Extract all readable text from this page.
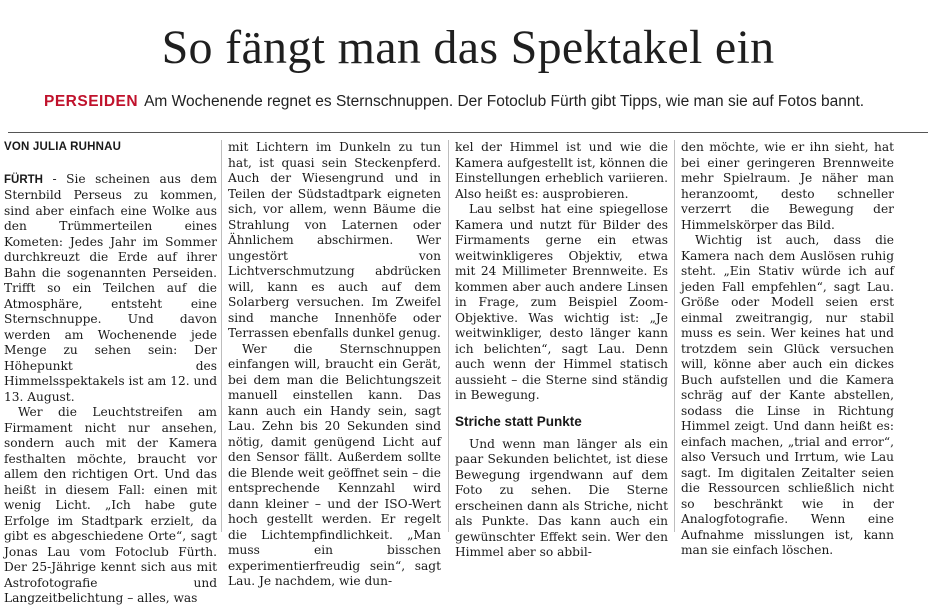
So fängt man das Spektakel ein
PERSEIDEN Am Wochenende regnet es Sternschnuppen. Der Fotoclub Fürth gibt Tipps, wie man sie auf Fotos bannt.
VON JULIA RUHNAU

FÜRTH - Sie scheinen aus dem Sternbild Perseus zu kommen, sind aber einfach eine Wolke aus den Trümmerteilen eines Kometen: Jedes Jahr im Sommer durchkreuzt die Erde auf ihrer Bahn die sogenannten Perseiden. Trifft so ein Teilchen auf die Atmosphäre, entsteht eine Sternschnuppe. Und davon werden am Wochenende jede Menge zu sehen sein: Der Höhepunkt des Himmelsspektakels ist am 12. und 13. August.

Wer die Leuchtstreifen am Firmament nicht nur ansehen, sondern auch mit der Kamera festhalten möchte, braucht vor allem den richtigen Ort. Und das heißt in diesem Fall: einen mit wenig Licht. „Ich habe gute Erfolge im Stadtpark erzielt, da gibt es abgeschiedene Orte“, sagt Jonas Lau vom Fotoclub Fürth. Der 25-Jährige kennt sich aus mit Astrofotografie und Langzeitbelichtung – alles, was

mit Lichtern im Dunkeln zu tun hat, ist quasi sein Steckenpferd. Auch der Wiesengrund und in Teilen der Südstadtpark eigneten sich, vor allem, wenn Bäume die Strahlung von Laternen oder Ähnlichem abschirmen. Wer ungestört von Lichtverschmutzung abdrücken will, kann es auch auf dem Solarberg versuchen. Im Zweifel sind manche Innenhöfe oder Terrassen ebenfalls dunkel genug.

Wer die Sternschnuppen einfangen will, braucht ein Gerät, bei dem man die Belichtungszeit manuell einstellen kann. Das kann auch ein Handy sein, sagt Lau. Zehn bis 20 Sekunden sind nötig, damit genügend Licht auf den Sensor fällt. Außerdem sollte die Blende weit geöffnet sein – die entsprechende Kennzahl wird dann kleiner – und der ISO-Wert hoch gestellt werden. Er regelt die Lichtempfindlichkeit. „Man muss ein bisschen experimentierfreudig sein“, sagt Lau. Je nachdem, wie dun-

kel der Himmel ist und wie die Kamera aufgestellt ist, können die Einstellungen erheblich variieren. Also heißt es: ausprobieren.

Lau selbst hat eine spiegellose Kamera und nutzt für Bilder des Firmaments gerne ein etwas weitwinkligeres Objektiv, etwa mit 24 Millimeter Brennweite. Es kommen aber auch andere Linsen in Frage, zum Beispiel Zoom-Objektive. Was wichtig ist: „Je weitwinkliger, desto länger kann ich belichten“, sagt Lau. Denn auch wenn der Himmel statisch aussieht – die Sterne sind ständig in Bewegung.

Striche statt Punkte

Und wenn man länger als ein paar Sekunden belichtet, ist diese Bewegung irgendwann auf dem Foto zu sehen. Die Sterne erscheinen dann als Striche, nicht als Punkte. Das kann auch ein gewünschter Effekt sein. Wer den Himmel aber so abbil-

den möchte, wie er ihn sieht, hat bei einer geringeren Brennweite mehr Spielraum. Je näher man heranzoomt, desto schneller verzerrt die Bewegung der Himmelskörper das Bild.

Wichtig ist auch, dass die Kamera nach dem Auslösen ruhig steht. „Ein Stativ würde ich auf jeden Fall empfehlen“, sagt Lau. Größe oder Modell seien erst einmal zweitrangig, nur stabil muss es sein. Wer keines hat und trotzdem sein Glück versuchen will, könne aber auch ein dickes Buch aufstellen und die Kamera schräg auf der Kante abstellen, sodass die Linse in Richtung Himmel zeigt. Und dann heißt es: einfach machen, „trial and error“, also Versuch und Irrtum, wie Lau sagt. Im digitalen Zeitalter seien die Ressourcen schließlich nicht so beschränkt wie in der Analogfotografie. Wenn eine Aufnahme misslungen ist, kann man sie einfach löschen.
